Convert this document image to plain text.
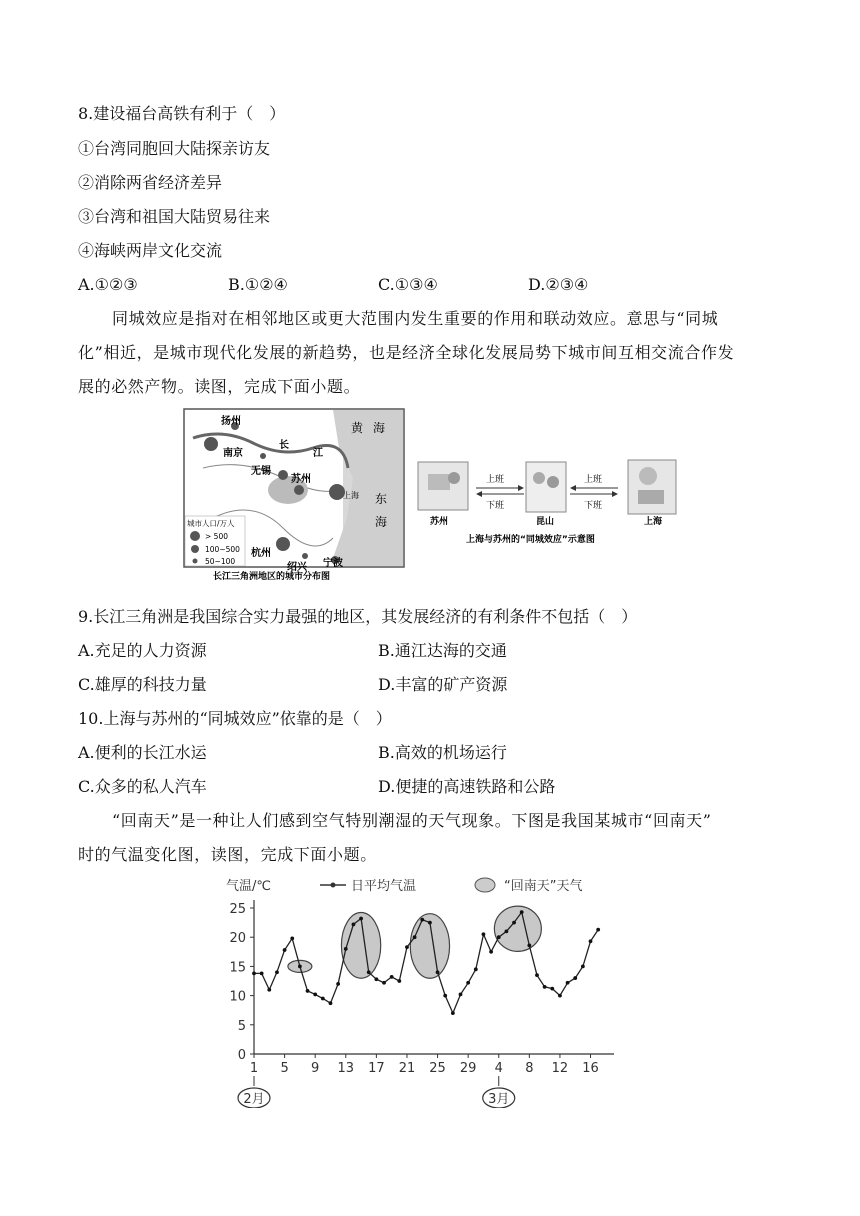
8.建设福台高铁有利于（　）
①台湾同胞回大陆探亲访友
②消除两省经济差异
③台湾和祖国大陆贸易往来
④海峡两岸文化交流
A.①②③	B.①②④	C.①③④	D.②③④
同城效应是指对在相邻地区或更大范围内发生重要的作用和联动效应。意思与“同城
化”相近，是城市现代化发展的新趋势，也是经济全球化发展局势下城市间互相交流合作发
展的必然产物。读图，完成下面小题。
黄 海
东
海
扬州
南京
无锡
苏州
上海
杭州
绍兴 宁波
长
江
城市人口/万人
> 500
100~500
50~100
长江三角洲地区的城市分布图
上班
下班
上班
下班
苏州	昆山	上海
上海与苏州的“同城效应”示意图
9.长江三角洲是我国综合实力最强的地区，其发展经济的有利条件不包括（　）
A.充足的人力资源	B.通江达海的交通
C.雄厚的科技力量	D.丰富的矿产资源
10.上海与苏州的“同城效应”依靠的是（　）
A.便利的长江水运	B.高效的机场运行
C.众多的私人汽车	D.便捷的高速铁路和公路
“回南天”是一种让人们感到空气特别潮湿的天气现象。下图是我国某城市“回南天”
时的气温变化图，读图，完成下面小题。
气温/℃	日平均气温	“回南天”天气
0
5
10
15
20
25
1 5 9 13 17 21 25 29 4 8 12 16
2月	3月
